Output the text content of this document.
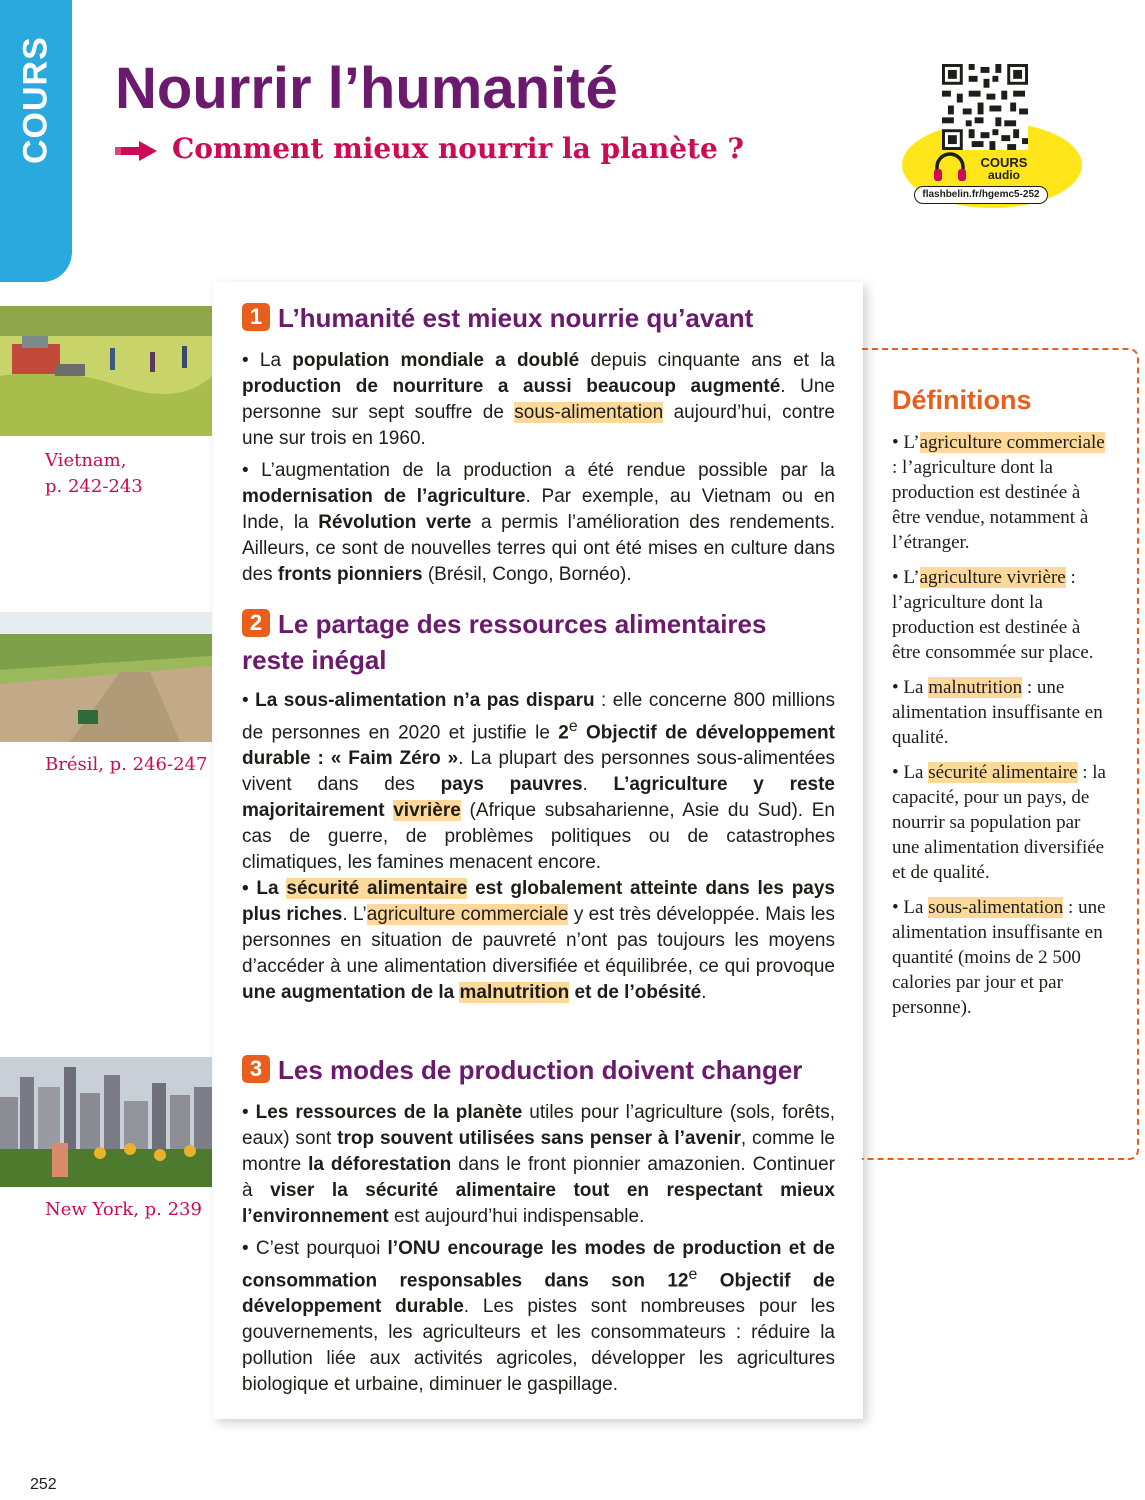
COURS Nourrir l’humanité
Comment mieux nourrir la planète ?	COURS
audio
flashbelin.fr/hgemc5-252
1 L’humanité est mieux nourrie qu’avant

• La population mondiale a doublé depuis cinquante ans et la production de nourriture a aussi beaucoup augmenté. Une personne sur sept souffre de sous-alimentation aujourd’hui, contre une sur trois en 1960.

• L’augmentation de la production a été rendue possible par la modernisation de l’agriculture. Par exemple, au Vietnam ou en Inde, la Révolution verte a permis l’amélioration des rendements. Ailleurs, ce sont de nouvelles terres qui ont été mises en culture dans des fronts pionniers (Brésil, Congo, Bornéo).

2 Le partage des ressources alimentaires
reste inégal

• La sous-alimentation n’a pas disparu : elle concerne 800 millions de personnes en 2020 et justifie le 2e Objectif de développement durable : « Faim Zéro ». La plupart des personnes sous-alimentées vivent dans des pays pauvres. L’agriculture y reste majoritairement vivrière (Afrique subsaharienne, Asie du Sud). En cas de guerre, de problèmes politiques ou de catastrophes climatiques, les famines menacent encore.

• La sécurité alimentaire est globalement atteinte dans les pays plus riches. L’agriculture commerciale y est très développée. Mais les personnes en situation de pauvreté n’ont pas toujours les moyens d’accéder à une alimentation diversifiée et équilibrée, ce qui provoque une augmentation de la malnutrition et de l’obésité.

3 Les modes de production doivent changer

• Les ressources de la planète utiles pour l’agriculture (sols, forêts, eaux) sont trop souvent utilisées sans penser à l’avenir, comme le montre la déforestation dans le front pionnier amazonien. Continuer à viser la sécurité alimentaire tout en respectant mieux l’environnement est aujourd’hui indispensable.

• C’est pourquoi l’ONU encourage les modes de production et de consommation responsables dans son 12e Objectif de développement durable. Les pistes sont nombreuses pour les gouvernements, les agriculteurs et les consommateurs : réduire la pollution liée aux activités agricoles, développer les agricultures biologique et urbaine, diminuer le gaspillage.

Vietnam,
p. 242-243

Brésil, p. 246-247

New York, p. 239

Définitions
• L’agriculture commerciale : l’agriculture dont la production est destinée à être vendue, notamment à l’étranger.
• L’agriculture vivrière : l’agriculture dont la production est destinée à être consommée sur place.
• La malnutrition : une alimentation insuffisante en qualité.
• La sécurité alimentaire : la capacité, pour un pays, de nourrir sa population par une alimentation diversifiée et de qualité.
• La sous-alimentation : une alimentation insuffisante en quantité (moins de 2 500 calories par jour et par personne).

252
